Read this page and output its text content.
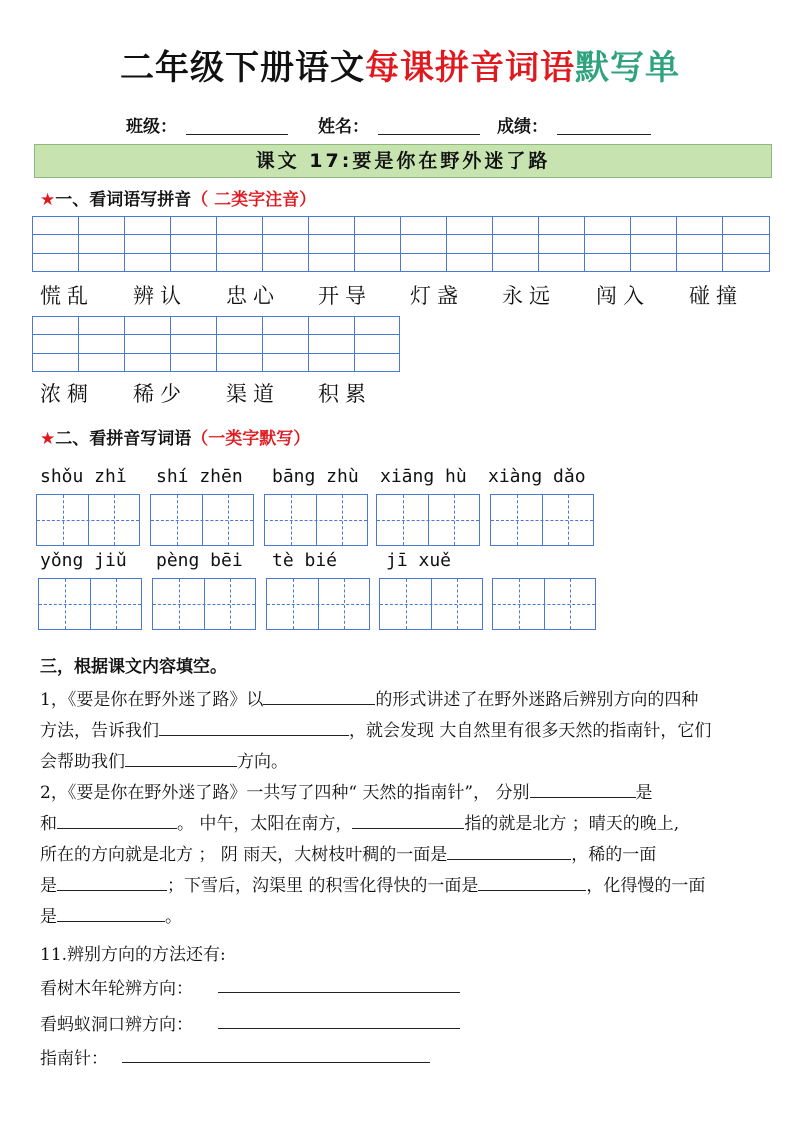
二年级下册语文每课拼音词语默写单
班级：	姓名：	成绩：
课文 17:要是你在野外迷了路
★一、看词语写拼音（ 二类字注音）
慌乱 辨认 忠心 开导 灯盏 永远 闯入 碰撞
浓稠 稀少 渠道 积累
★二、看拼音写词语（一类字默写）
shǒu zhǐ shí zhēn bāng zhù xiāng hù xiàng dǎo
yǒng jiǔ pèng bēi tè bié	jī xuě
三，根据课文内容填空。
1，《要是你在野外迷了路》以	的形式讲述了在野外迷路后辨别方向的四种
方法，告诉我们	，就会发现 大自然里有很多天然的指南针，它们
会帮助我们	方向。
2，《要是你在野外迷了路》一共写了四种“ 天然的指南针”， 分别	是
和	。 中午，太阳在南方，	指的就是北方 ；晴天的晚上,
所在的方向就是北方 ； 阴 雨天，大树枝叶稠的一面是	，稀的一面
是	；下雪后，沟渠里 的积雪化得快的一面是	，化得慢的一面
是	。
11.辨别方向的方法还有:
看树木年轮辨方向：
看蚂蚁洞口辨方向：
指南针：
